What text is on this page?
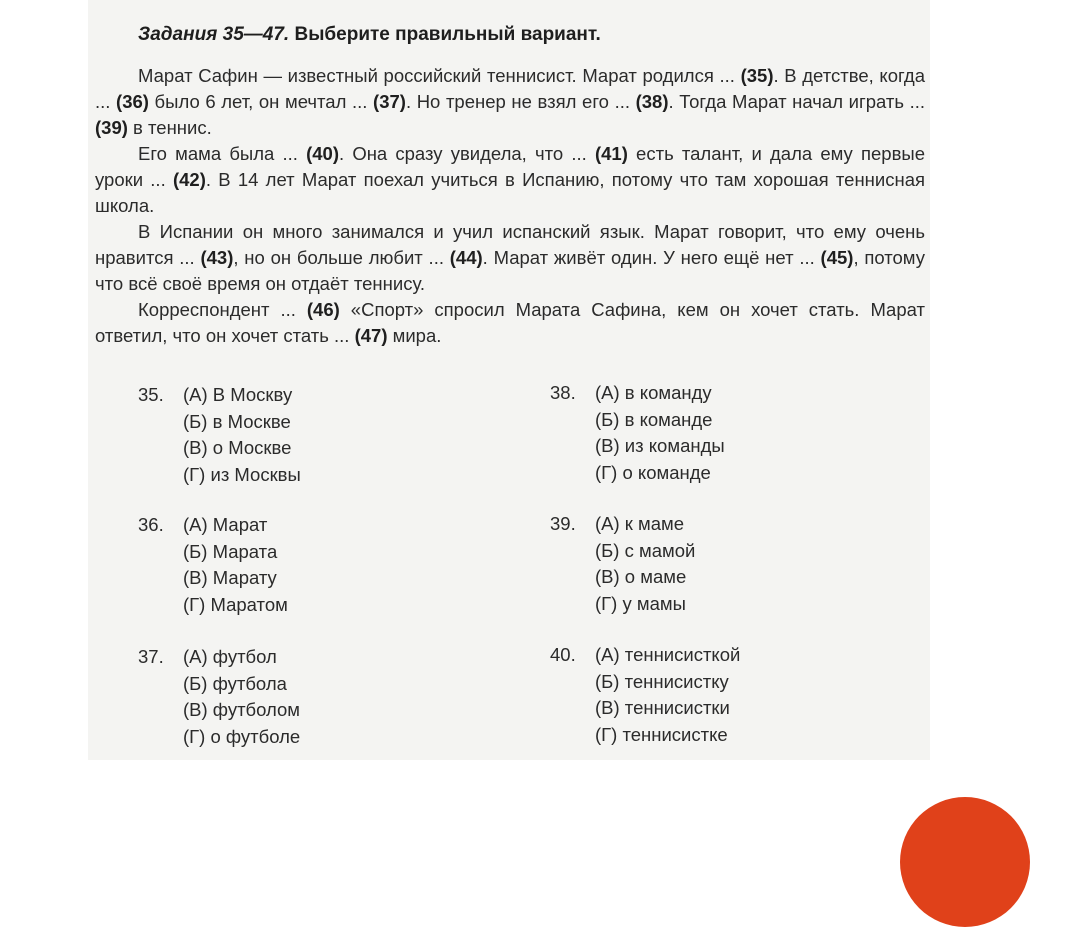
Задания 35—47. Выберите правильный вариант.

Марат Сафин — известный российский теннисист. Марат родился ... (35). В детстве, когда ... (36) было 6 лет, он мечтал ... (37). Но тренер не взял его ... (38). Тогда Марат начал играть ... (39) в теннис.

Его мама была ... (40). Она сразу увидела, что ... (41) есть талант, и дала ему первые уроки ... (42). В 14 лет Марат поехал учиться в Испанию, потому что там хорошая теннисная школа.

В Испании он много занимался и учил испанский язык. Марат говорит, что ему очень нравится ... (43), но он больше любит ... (44). Марат живёт один. У него ещё нет ... (45), потому что всё своё время он отдаёт теннису.

Корреспондент ... (46) «Спорт» спросил Марата Сафина, кем он хочет стать. Марат ответил, что он хочет стать ... (47) мира.

35. (А) В Москву
(Б) в Москве
(В) о Москве
(Г) из Москвы
36. (А) Марат
(Б) Марата
(В) Марату
(Г) Маратом
37. (А) футбол
(Б) футбола
(В) футболом
(Г) о футболе
38. (А) в команду
(Б) в команде
(В) из команды
(Г) о команде
39. (А) к маме
(Б) с мамой
(В) о маме
(Г) у мамы
40. (А) теннисисткой
(Б) теннисистку
(В) теннисистки
(Г) теннисистке
